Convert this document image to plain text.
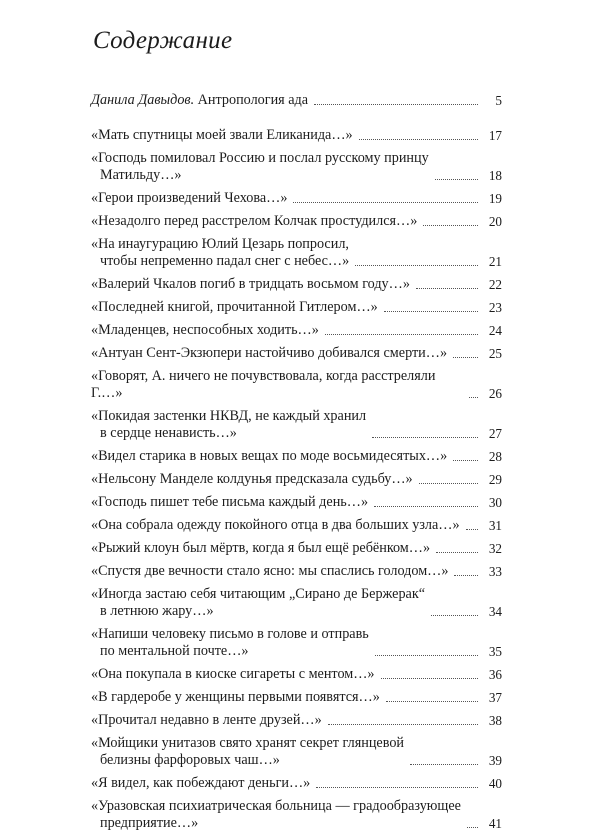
Содержание
Данила Давыдов. Антропология ада	5
«Мать спутницы моей звали Еликанида…»	17
«Господь помиловал Россию и послал русскому принцу
Матильду…»	18
«Герои произведений Чехова…»	19
«Незадолго перед расстрелом Колчак простудился…»	20
«На инаугурацию Юлий Цезарь попросил,
чтобы непременно падал снег с небес…»	21
«Валерий Чкалов погиб в тридцать восьмом году…»	22
«Последней книгой, прочитанной Гитлером…»	23
«Младенцев, неспособных ходить…»	24
«Антуан Сент-Экзюпери настойчиво добивался смерти…»	25
«Говорят, А. ничего не почувствовала, когда расстреляли Г.…»	26
«Покидая застенки НКВД, не каждый хранил
в сердце ненависть…»	27
«Видел старика в новых вещах по моде восьмидесятых…»	28
«Нельсону Манделе колдунья предсказала судьбу…»	29
«Господь пишет тебе письма каждый день…»	30
«Она собрала одежду покойного отца в два больших узла…»	31
«Рыжий клоун был мёртв, когда я был ещё ребёнком…»	32
«Спустя две вечности стало ясно: мы спаслись голодом…»	33
«Иногда застаю себя читающим „Сирано де Бержерак“
в летнюю жару…»	34
«Напиши человеку письмо в голове и отправь
по ментальной почте…»	35
«Она покупала в киоске сигареты с ментом…»	36
«В гардеробе у женщины первыми появятся…»	37
«Прочитал недавно в ленте друзей…»	38
«Мойщики унитазов свято хранят секрет глянцевой
белизны фарфоровых чаш…»	39
«Я видел, как побеждают деньги…»	40
«Уразовская психиатрическая больница — градообразующее
предприятие…»	41
